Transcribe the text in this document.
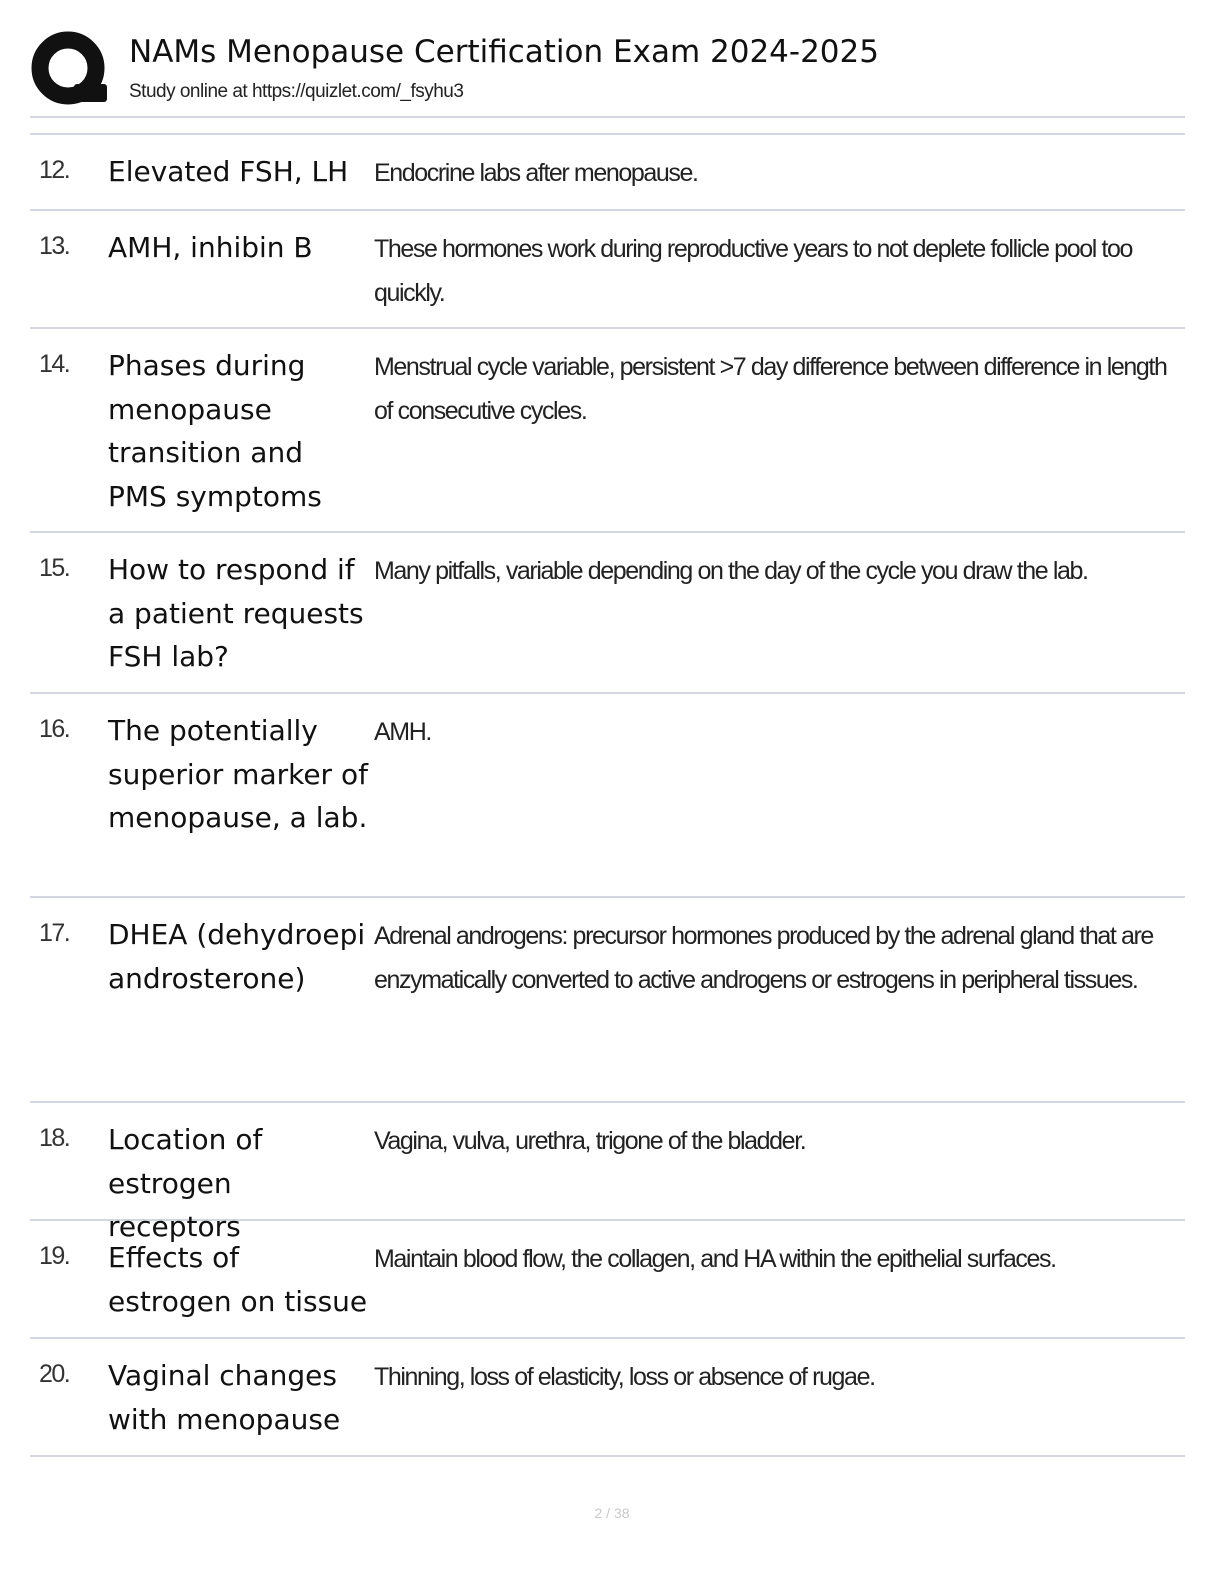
NAMs Menopause Certification Exam 2024-2025
Study online at https://quizlet.com/_fsyhu3
12. Elevated FSH, LH	Endocrine labs after menopause.
13. AMH, inhibin B	These hormones work during reproductive years to not deplete follicle pool too quickly.
14. Phases during menopause transition and PMS symptoms
Menstrual cycle variable, persistent >7 day difference between difference in length of consecutive cycles.
15. How to respond if a patient requests FSH lab?
Many pitfalls, variable depending on the day of the cycle you draw the lab.
16. The potentially superior marker of menopause, a lab.
AMH.
17. DHEA (dehydroepiandrosterone)
Adrenal androgens: precursor hormones produced by the adrenal gland that are enzymatically converted to active androgens or estrogens in peripheral tissues.
18. Location of estrogen receptors
Vagina, vulva, urethra, trigone of the bladder.
19. Effects of estrogen on tissue
Maintain blood flow, the collagen, and HA within the epithelial surfaces.
20. Vaginal changes with menopause
Thinning, loss of elasticity, loss or absence of rugae.
2 / 38
